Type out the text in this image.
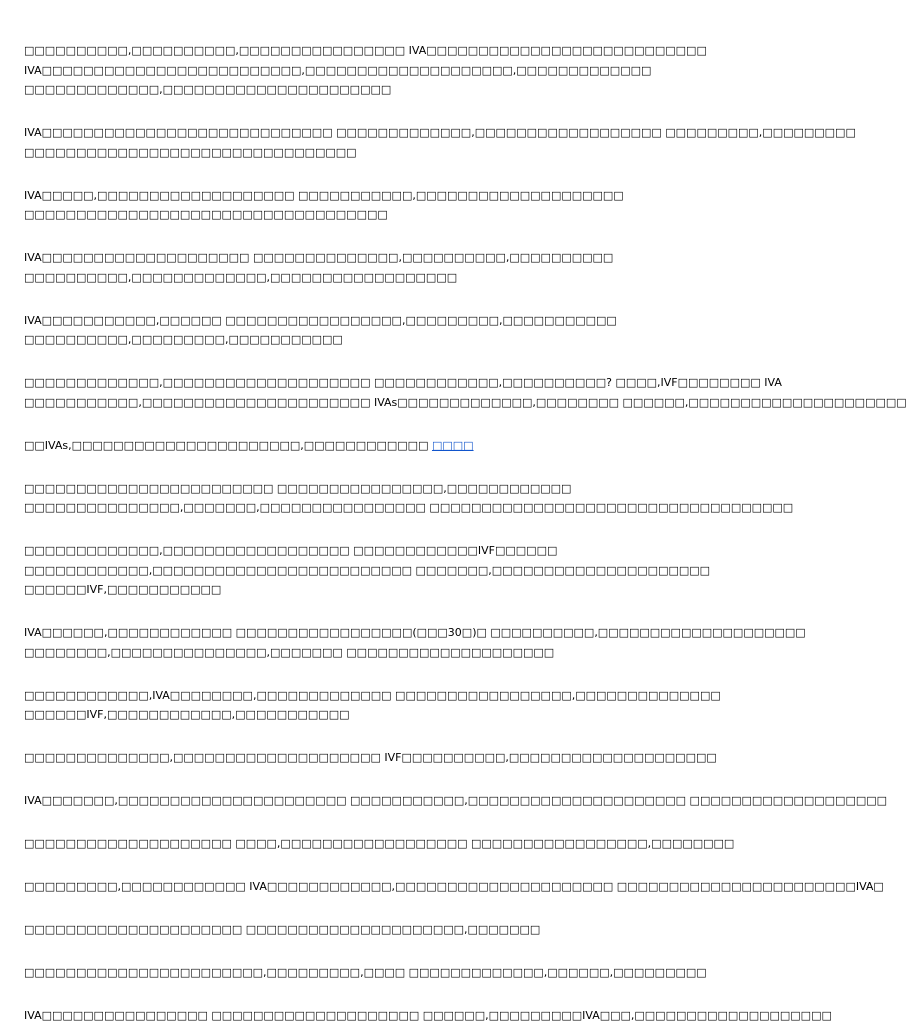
□□□□□□□□□□,□□□□□□□□□□,□□□□□□□□□□□□□□□□ IVA□□□□□□□□□□□□□□□□□□□□□□□□□□□
IVA□□□□□□□□□□□□□□□□□□□□□□□□□,□□□□□□□□□□□□□□□□□□□□,□□□□□□□□□□□□□
□□□□□□□□□□□□□,□□□□□□□□□□□□□□□□□□□□□□

IVA□□□□□□□□□□□□□□□□□□□□□□□□□□□□ □□□□□□□□□□□□□,□□□□□□□□□□□□□□□□□□ □□□□□□□□□,□□□□□□□□□
□□□□□□□□□□□□□□□□□□□□□□□□□□□□□□□□

IVA□□□□□,□□□□□□□□□□□□□□□□□□□ □□□□□□□□□□□,□□□□□□□□□□□□□□□□□□□□
□□□□□□□□□□□□□□□□□□□□□□□□□□□□□□□□□□□

IVA□□□□□□□□□□□□□□□□□□□□ □□□□□□□□□□□□□□,□□□□□□□□□□,□□□□□□□□□□
□□□□□□□□□□,□□□□□□□□□□□□□,□□□□□□□□□□□□□□□□□□

IVA□□□□□□□□□□□,□□□□□□ □□□□□□□□□□□□□□□□□,□□□□□□□□□,□□□□□□□□□□□
□□□□□□□□□□,□□□□□□□□□,□□□□□□□□□□□

□□□□□□□□□□□□□,□□□□□□□□□□□□□□□□□□□□ □□□□□□□□□□□□,□□□□□□□□□□? □□□□,IVF□□□□□□□□ IVA
□□□□□□□□□□□,□□□□□□□□□□□□□□□□□□□□□□ IVAs□□□□□□□□□□□□□,□□□□□□□□ □□□□□□,□□□□□□□□□□□□□□□□□□□□□

□□IVAs,□□□□□□□□□□□□□□□□□□□□□□,□□□□□□□□□□□□ □□□□

□□□□□□□□□□□□□□□□□□□□□□□□ □□□□□□□□□□□□□□□□,□□□□□□□□□□□□
□□□□□□□□□□□□□□□,□□□□□□□,□□□□□□□□□□□□□□□□ □□□□□□□□□□□□□□□□□□□□□□□□□□□□□□□□□□□

□□□□□□□□□□□□□,□□□□□□□□□□□□□□□□□□ □□□□□□□□□□□□IVF□□□□□□
□□□□□□□□□□□□,□□□□□□□□□□□□□□□□□□□□□□□□□ □□□□□□□,□□□□□□□□□□□□□□□□□□□□□
□□□□□□IVF,□□□□□□□□□□□

IVA□□□□□□,□□□□□□□□□□□□ □□□□□□□□□□□□□□□□□(□□□30□)□ □□□□□□□□□□,□□□□□□□□□□□□□□□□□□□□
□□□□□□□□,□□□□□□□□□□□□□□□,□□□□□□□ □□□□□□□□□□□□□□□□□□□□

□□□□□□□□□□□□,IVA□□□□□□□□,□□□□□□□□□□□□□ □□□□□□□□□□□□□□□□□,□□□□□□□□□□□□□□
□□□□□□IVF,□□□□□□□□□□□□,□□□□□□□□□□□

□□□□□□□□□□□□□□,□□□□□□□□□□□□□□□□□□□□ IVF□□□□□□□□□□,□□□□□□□□□□□□□□□□□□□□

IVA□□□□□□□,□□□□□□□□□□□□□□□□□□□□□□ □□□□□□□□□□□,□□□□□□□□□□□□□□□□□□□□□ □□□□□□□□□□□□□□□□□□□

□□□□□□□□□□□□□□□□□□□□ □□□□,□□□□□□□□□□□□□□□□□□ □□□□□□□□□□□□□□□□□,□□□□□□□□

□□□□□□□□□,□□□□□□□□□□□□ IVA□□□□□□□□□□□□,□□□□□□□□□□□□□□□□□□□□□ □□□□□□□□□□□□□□□□□□□□□□□IVA□

□□□□□□□□□□□□□□□□□□□□□ □□□□□□□□□□□□□□□□□□□□□,□□□□□□□

□□□□□□□□□□□□□□□□□□□□□□□,□□□□□□□□□,□□□□ □□□□□□□□□□□□□,□□□□□□,□□□□□□□□□

IVA□□□□□□□□□□□□□□□□ □□□□□□□□□□□□□□□□□□□□ □□□□□□,□□□□□□□□□IVA□□□,□□□□□□□□□□□□□□□□□□□
